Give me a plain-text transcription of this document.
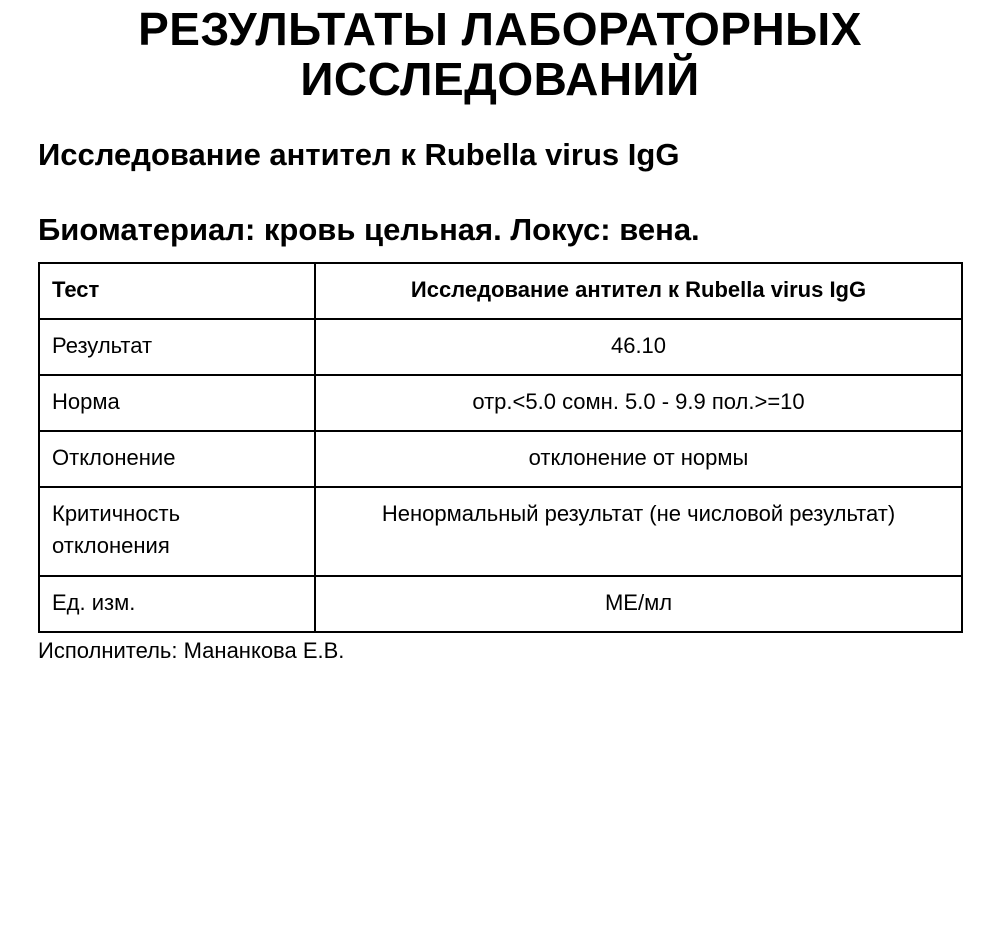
РЕЗУЛЬТАТЫ ЛАБОРАТОРНЫХ
ИССЛЕДОВАНИЙ
Исследование антител к Rubella virus IgG
Биоматериал: кровь цельная. Локус: вена.
Тест	Исследование антител к Rubella virus IgG
Результат	46.10
Норма	отр.<5.0 сомн. 5.0 - 9.9 пол.>=10
Отклонение	отклонение от нормы
Критичность отклонения	Ненормальный результат (не числовой результат)
Ед. изм.	МЕ/мл

Исполнитель: Мананкова Е.В.
